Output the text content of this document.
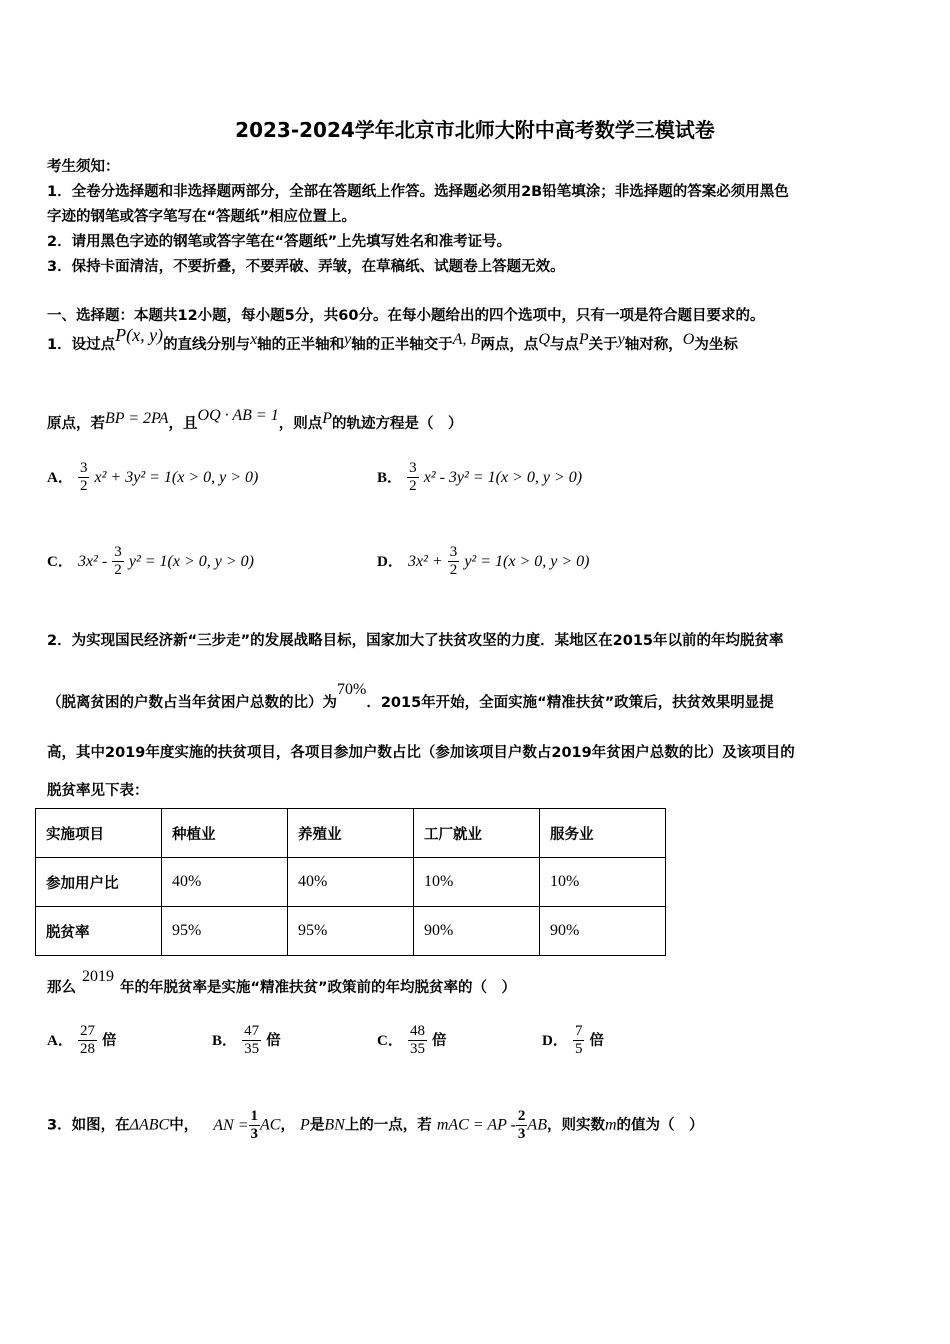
2023-2024学年北京市北师大附中高考数学三模试卷
考生须知：
1．全卷分选择题和非选择题两部分，全部在答题纸上作答。选择题必须用2B铅笔填涂；非选择题的答案必须用黑色
字迹的钢笔或答字笔写在“答题纸”相应位置上。
2．请用黑色字迹的钢笔或答字笔在“答题纸”上先填写姓名和准考证号。
3．保持卡面清洁，不要折叠，不要弄破、弄皱，在草稿纸、试题卷上答题无效。
一、选择题：本题共12小题，每小题5分，共60分。在每小题给出的四个选项中，只有一项是符合题目要求的。
1．设过点P(x, y)的直线分别与x轴的正半轴和y轴的正半轴交于A, B两点，点Q与点P关于y轴对称，O为坐标
原点，若BP = 2PA，且OQ · AB = 1，则点P的轨迹方程是（　）
A． $\frac{3}{2} x^2 + 3y^2 = 1(x > 0$, y > 0)	B． $\frac{3}{2} x^2 - 3y^2 = 1(x > 0$, y > 0)
C． $3x^2 - \frac{3}{2} y^2 = 1(x > 0$, y > 0)	D． $3x^2 + \frac{3}{2} y^2 = 1(x > 0$, y > 0)
2．为实现国民经济新“三步走”的发展战略目标，国家加大了扶贫攻坚的力度．某地区在2015年以前的年均脱贫率
（脱离贫困的户数占当年贫困户总数的比）为70%．2015年开始，全面实施“精准扶贫”政策后，扶贫效果明显提
高，其中2019年度实施的扶贫项目，各项目参加户数占比（参加该项目户数占2019年贫困户总数的比）及该项目的
脱贫率见下表：
实施项目	种植业	养殖业	工厂就业	服务业
参加用户比	40%	40%	10%	10%
脱贫率	95%	95%	90%	90%
那么2019年的年脱贫率是实施“精准扶贫”政策前的年均脱贫率的（　）
A． $\frac{27}{28}$ 倍	B． $\frac{47}{35}$ 倍	C． $\frac{48}{35}$ 倍	D． $\frac{7}{5}$ 倍
3．如图，在ΔABC中， AN = $\frac{1}{3}$ AC， P是BN上的一点，若 mAC = AP - $\frac{2}{3}$ AB，则实数m的值为（　）
